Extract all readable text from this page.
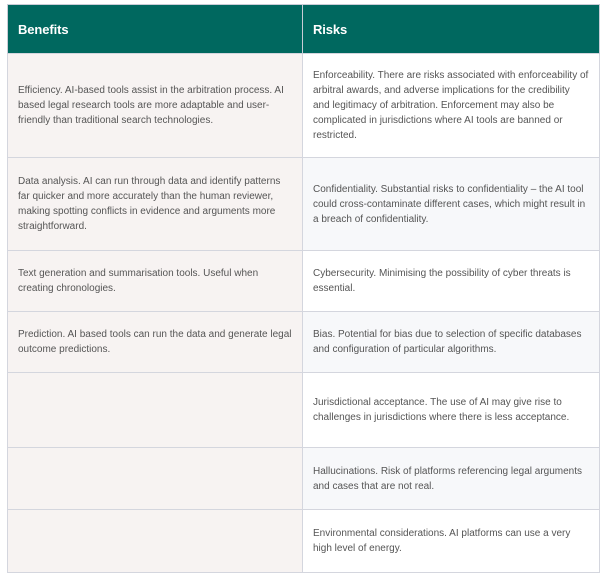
Benefits	Risks
Efficiency. AI-based tools assist in the arbitration process. AI based legal research tools are more adaptable and user-friendly than traditional search technologies.	Enforceability. There are risks associated with enforceability of arbitral awards, and adverse implications for the credibility and legitimacy of arbitration. Enforcement may also be complicated in jurisdictions where AI tools are banned or restricted.
Data analysis. AI can run through data and identify patterns far quicker and more accurately than the human reviewer, making spotting conflicts in evidence and arguments more straightforward.	Confidentiality. Substantial risks to confidentiality – the AI tool could cross-contaminate different cases, which might result in a breach of confidentiality.
Text generation and summarisation tools. Useful when creating chronologies.	Cybersecurity. Minimising the possibility of cyber threats is essential.
Prediction. AI based tools can run the data and generate legal outcome predictions.	Bias. Potential for bias due to selection of specific databases and configuration of particular algorithms.
	Jurisdictional acceptance. The use of AI may give rise to challenges in jurisdictions where there is less acceptance.
	Hallucinations. Risk of platforms referencing legal arguments and cases that are not real.
	Environmental considerations. AI platforms can use a very high level of energy.
